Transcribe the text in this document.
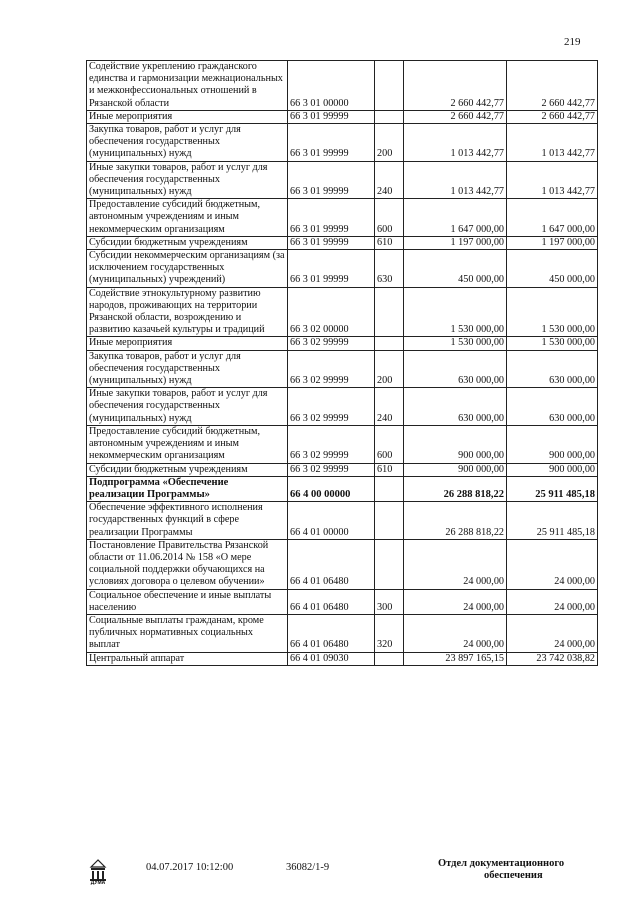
219
Содействие укреплению гражданского единства и гармонизации межнациональных и межконфессиональных отношений в Рязанской области	66 3 01 00000		2 660 442,77	2 660 442,77
Иные мероприятия	66 3 01 99999		2 660 442,77	2 660 442,77
Закупка товаров, работ и услуг для обеспечения государственных (муниципальных) нужд	66 3 01 99999	200	1 013 442,77	1 013 442,77
Иные закупки товаров, работ и услуг для обеспечения государственных (муниципальных) нужд	66 3 01 99999	240	1 013 442,77	1 013 442,77
Предоставление субсидий бюджетным, автономным учреждениям и иным некоммерческим организациям	66 3 01 99999	600	1 647 000,00	1 647 000,00
Субсидии бюджетным учреждениям	66 3 01 99999	610	1 197 000,00	1 197 000,00
Субсидии некоммерческим организациям (за исключением государственных (муниципальных) учреждений)	66 3 01 99999	630	450 000,00	450 000,00
Содействие этнокультурному развитию народов, проживающих на территории Рязанской области, возрождению и развитию казачьей культуры и традиций	66 3 02 00000		1 530 000,00	1 530 000,00
Иные мероприятия	66 3 02 99999		1 530 000,00	1 530 000,00
Закупка товаров, работ и услуг для обеспечения государственных (муниципальных) нужд	66 3 02 99999	200	630 000,00	630 000,00
Иные закупки товаров, работ и услуг для обеспечения государственных (муниципальных) нужд	66 3 02 99999	240	630 000,00	630 000,00
Предоставление субсидий бюджетным, автономным учреждениям и иным некоммерческим организациям	66 3 02 99999	600	900 000,00	900 000,00
Субсидии бюджетным учреждениям	66 3 02 99999	610	900 000,00	900 000,00
Подпрограмма «Обеспечение реализации Программы»	66 4 00 00000		26 288 818,22	25 911 485,18
Обеспечение эффективного исполнения государственных функций в сфере реализации Программы	66 4 01 00000		26 288 818,22	25 911 485,18
Постановление Правительства Рязанской области от 11.06.2014 № 158 «О мере социальной поддержки обучающихся на условиях договора о целевом обучении»	66 4 01 06480		24 000,00	24 000,00
Социальное обеспечение и иные выплаты населению	66 4 01 06480	300	24 000,00	24 000,00
Социальные выплаты гражданам, кроме публичных нормативных социальных выплат	66 4 01 06480	320	24 000,00	24 000,00
Центральный аппарат	66 4 01 09030		23 897 165,15	23 742 038,82
ДУМА
04.07.2017 10:12:00	36082/1-9	Отдел документационного
обеспечения
